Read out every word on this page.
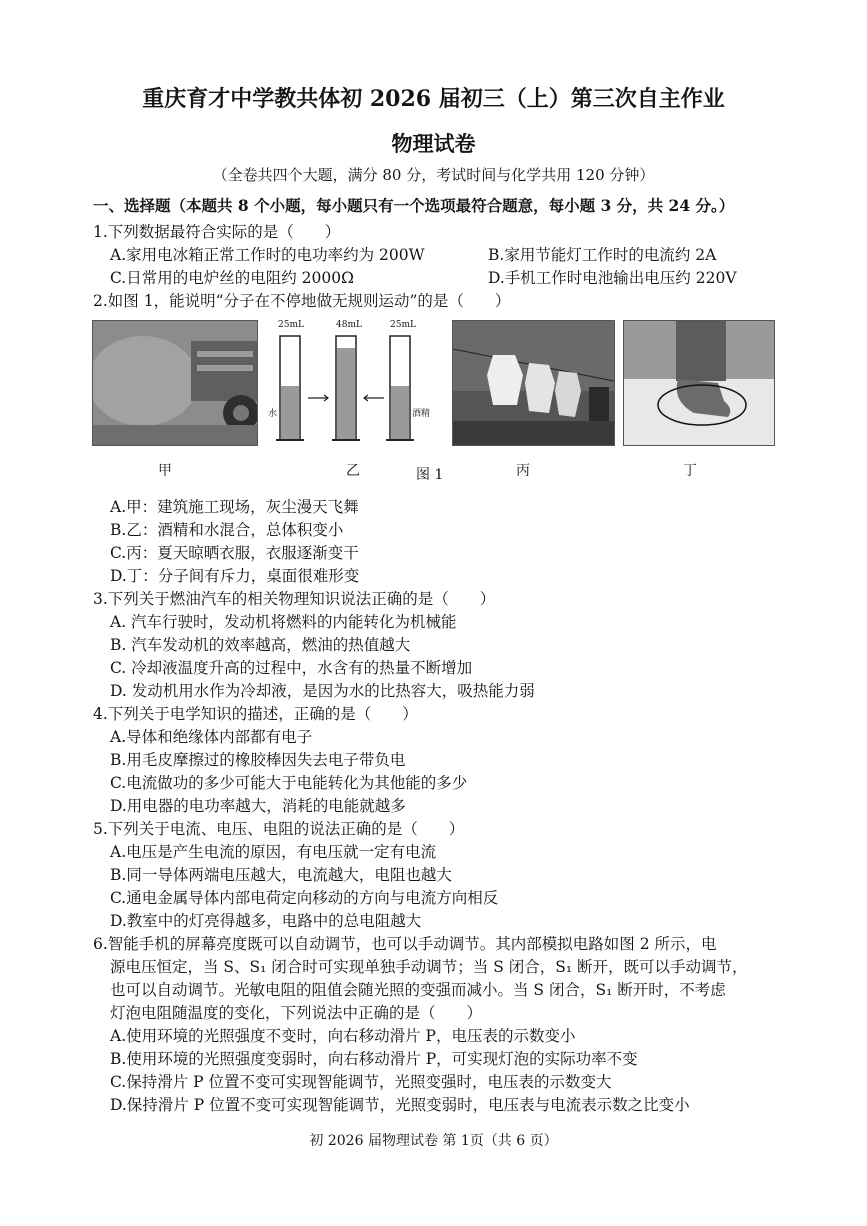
重庆育才中学教共体初 2026 届初三（上）第三次自主作业
物理试卷
（全卷共四个大题，满分 80 分，考试时间与化学共用 120 分钟）
一、选择题（本题共 8 个小题，每小题只有一个选项最符合题意，每小题 3 分，共 24 分。）
1.下列数据最符合实际的是（　　）
A.家用电冰箱正常工作时的电功率约为 200W	B.家用节能灯工作时的电流约 2A
C.日常用的电炉丝的电阻约 2000Ω	D.手机工作时电池输出电压约 220V
2.如图 1，能说明“分子在不停地做无规则运动”的是（　　）
25mL	48mL	25mL
水	酒精
甲	乙	图 1	丙	丁
A.甲：建筑施工现场，灰尘漫天飞舞
B.乙：酒精和水混合，总体积变小
C.丙：夏天晾晒衣服，衣服逐渐变干
D.丁：分子间有斥力，桌面很难形变
3.下列关于燃油汽车的相关物理知识说法正确的是（　　）
A. 汽车行驶时，发动机将燃料的内能转化为机械能
B. 汽车发动机的效率越高，燃油的热值越大
C. 冷却液温度升高的过程中，水含有的热量不断增加
D. 发动机用水作为冷却液，是因为水的比热容大，吸热能力弱
4.下列关于电学知识的描述，正确的是（　　）
A.导体和绝缘体内部都有电子
B.用毛皮摩擦过的橡胶棒因失去电子带负电
C.电流做功的多少可能大于电能转化为其他能的多少
D.用电器的电功率越大，消耗的电能就越多
5.下列关于电流、电压、电阻的说法正确的是（　　）
A.电压是产生电流的原因，有电压就一定有电流
B.同一导体两端电压越大，电流越大，电阻也越大
C.通电金属导体内部电荷定向移动的方向与电流方向相反
D.教室中的灯亮得越多，电路中的总电阻越大
6.智能手机的屏幕亮度既可以自动调节，也可以手动调节。其内部模拟电路如图 2 所示，电
源电压恒定，当 S、S₁ 闭合时可实现单独手动调节；当 S 闭合，S₁ 断开，既可以手动调节，
也可以自动调节。光敏电阻的阻值会随光照的变强而减小。当 S 闭合，S₁ 断开时，不考虑
灯泡电阻随温度的变化，下列说法中正确的是（　　）
A.使用环境的光照强度不变时，向右移动滑片 P，电压表的示数变小
B.使用环境的光照强度变弱时，向右移动滑片 P，可实现灯泡的实际功率不变
C.保持滑片 P 位置不变可实现智能调节，光照变强时，电压表的示数变大
D.保持滑片 P 位置不变可实现智能调节，光照变弱时，电压表与电流表示数之比变小
初 2026 届物理试卷 第 1页（共 6 页）
